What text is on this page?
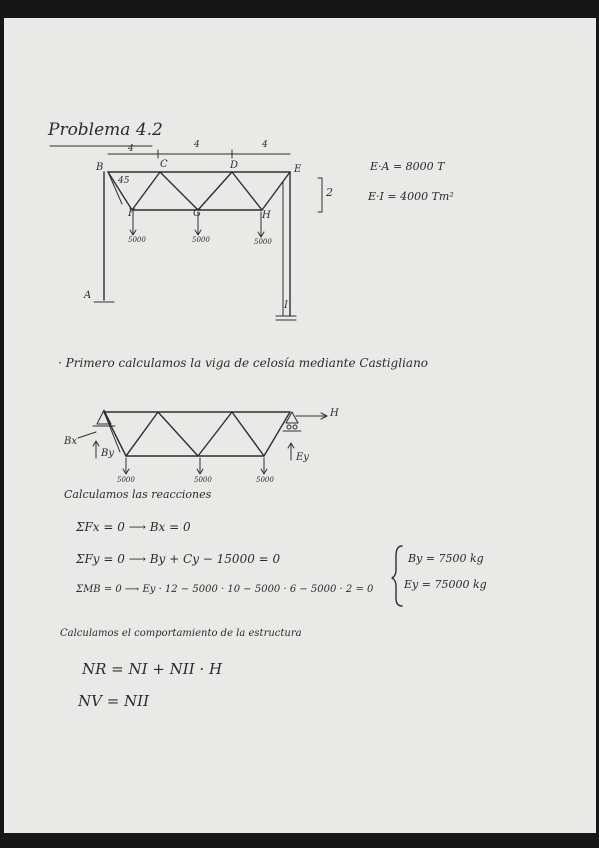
Problema 4.2
4	4	4
2
B
45
C	D	E
F	G	H
A
I
5000	5000	5000
E·A = 8000 T
E·I = 4000 Tm²
· Primero calculamos la viga de celosía mediante Castigliano
H
Bx
By	Ey
5000	5000	5000
Calculamos las reacciones
ΣFx = 0 ⟶ Bx = 0
ΣFy = 0 ⟶ By + Cy − 15000 = 0
ΣMB = 0 ⟶ Ey · 12 − 5000 · 10 − 5000 · 6 − 5000 · 2 = 0
By = 7500 kg
Ey = 75000 kg
Calculamos el comportamiento de la estructura
NR = NI + NII · H
NV = NII
